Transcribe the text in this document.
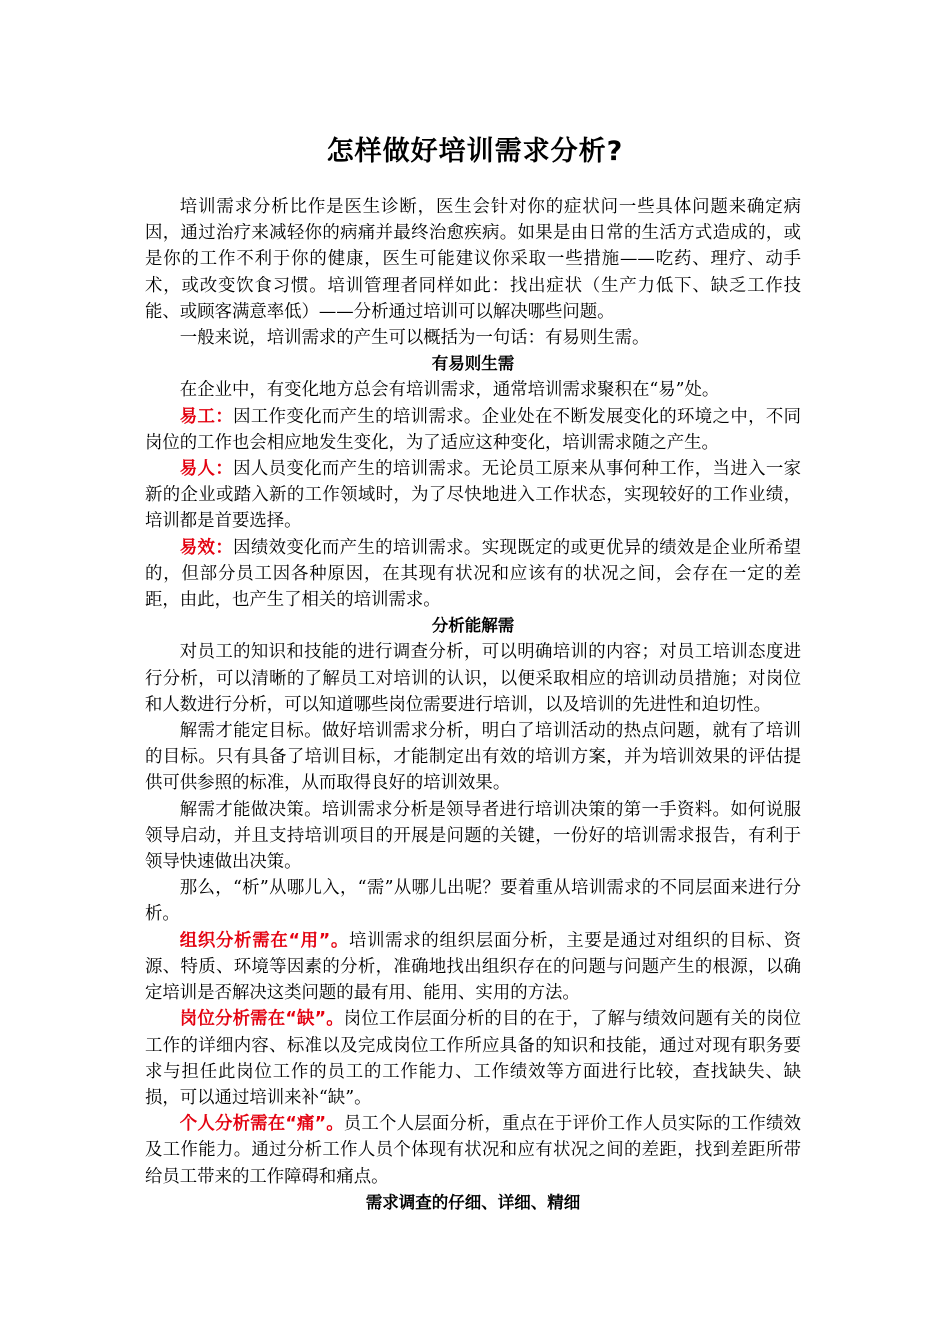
怎样做好培训需求分析?

培训需求分析比作是医生诊断，医生会针对你的症状问一些具体问题来确定病因，通过治疗来减轻你的病痛并最终治愈疾病。如果是由日常的生活方式造成的，或是你的工作不利于你的健康，医生可能建议你采取一些措施——吃药、理疗、动手术，或改变饮食习惯。培训管理者同样如此：找出症状（生产力低下、缺乏工作技能、或顾客满意率低）——分析通过培训可以解决哪些问题。

一般来说，培训需求的产生可以概括为一句话：有易则生需。

有易则生需

在企业中，有变化地方总会有培训需求，通常培训需求聚积在“易”处。

易工：因工作变化而产生的培训需求。企业处在不断发展变化的环境之中，不同岗位的工作也会相应地发生变化，为了适应这种变化，培训需求随之产生。

易人：因人员变化而产生的培训需求。无论员工原来从事何种工作，当进入一家新的企业或踏入新的工作领域时，为了尽快地进入工作状态，实现较好的工作业绩，培训都是首要选择。

易效：因绩效变化而产生的培训需求。实现既定的或更优异的绩效是企业所希望的，但部分员工因各种原因，在其现有状况和应该有的状况之间，会存在一定的差距，由此，也产生了相关的培训需求。

分析能解需

对员工的知识和技能的进行调查分析，可以明确培训的内容；对员工培训态度进行分析，可以清晰的了解员工对培训的认识，以便采取相应的培训动员措施；对岗位和人数进行分析，可以知道哪些岗位需要进行培训，以及培训的先进性和迫切性。

解需才能定目标。做好培训需求分析，明白了培训活动的热点问题，就有了培训的目标。只有具备了培训目标，才能制定出有效的培训方案，并为培训效果的评估提供可供参照的标准，从而取得良好的培训效果。

解需才能做决策。培训需求分析是领导者进行培训决策的第一手资料。如何说服领导启动，并且支持培训项目的开展是问题的关键，一份好的培训需求报告，有利于领导快速做出决策。

那么，“析”从哪儿入，“需”从哪儿出呢？要着重从培训需求的不同层面来进行分析。

组织分析需在“用”。培训需求的组织层面分析，主要是通过对组织的目标、资源、特质、环境等因素的分析，准确地找出组织存在的问题与问题产生的根源，以确定培训是否解决这类问题的最有用、能用、实用的方法。

岗位分析需在“缺”。岗位工作层面分析的目的在于，了解与绩效问题有关的岗位工作的详细内容、标准以及完成岗位工作所应具备的知识和技能，通过对现有职务要求与担任此岗位工作的员工的工作能力、工作绩效等方面进行比较，查找缺失、缺损，可以通过培训来补“缺”。

个人分析需在“痛”。员工个人层面分析，重点在于评价工作人员实际的工作绩效及工作能力。通过分析工作人员个体现有状况和应有状况之间的差距，找到差距所带给员工带来的工作障碍和痛点。

需求调查的仔细、详细、精细
